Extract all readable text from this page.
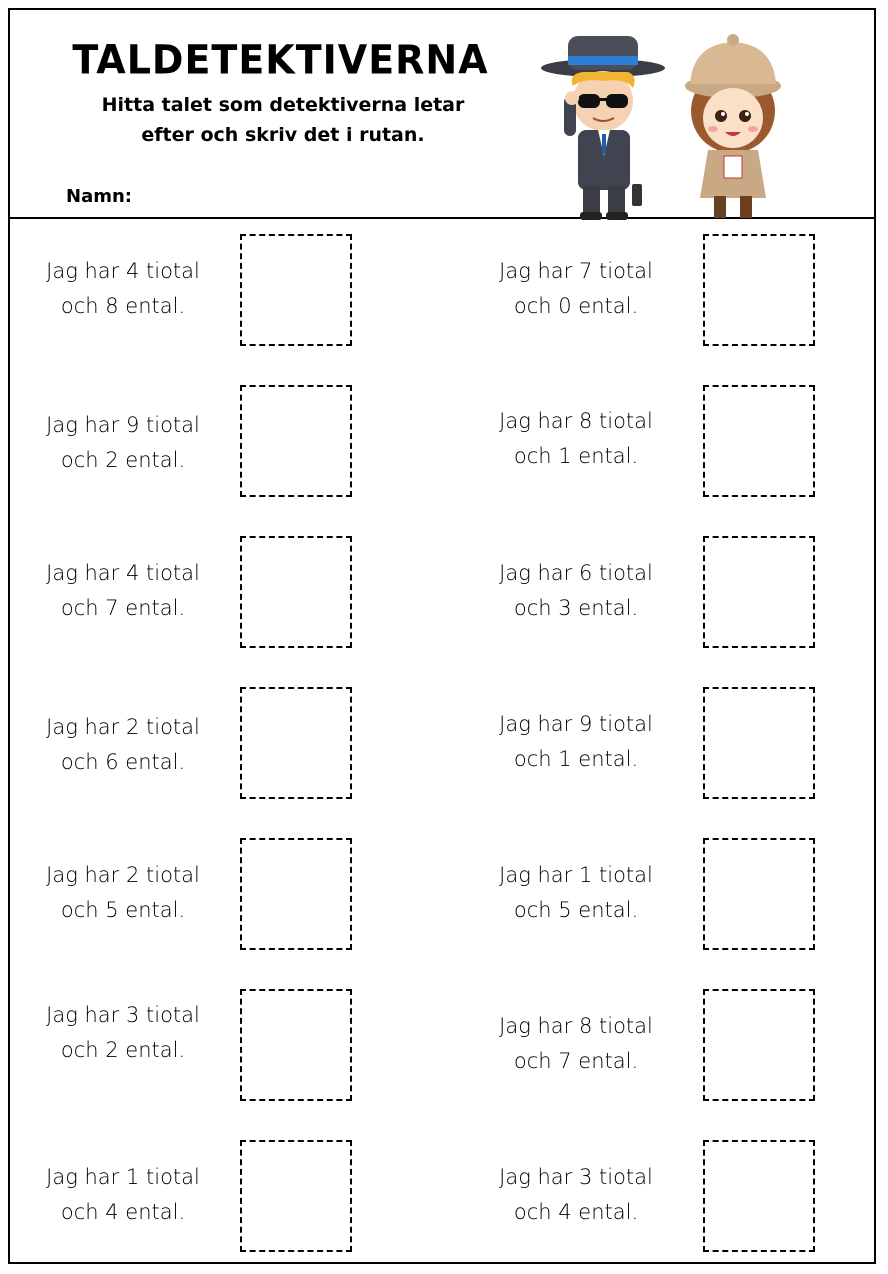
TALDETEKTIVERNA
Hitta talet som detektiverna letar
efter och skriv det i rutan.
Namn:
Jag har 4 tiotal
och 8 ental.
Jag har 9 tiotal
och 2 ental.
Jag har 4 tiotal
och 7 ental.
Jag har 2 tiotal
och 6 ental.
Jag har 2 tiotal
och 5 ental.
Jag har 3 tiotal
och 2 ental.
Jag har 1 tiotal
och 4 ental.
Jag har 7 tiotal
och 0 ental.
Jag har 8 tiotal
och 1 ental.
Jag har 6 tiotal
och 3 ental.
Jag har 9 tiotal
och 1 ental.
Jag har 1 tiotal
och 5 ental.
Jag har 8 tiotal
och 7 ental.
Jag har 3 tiotal
och 4 ental.
